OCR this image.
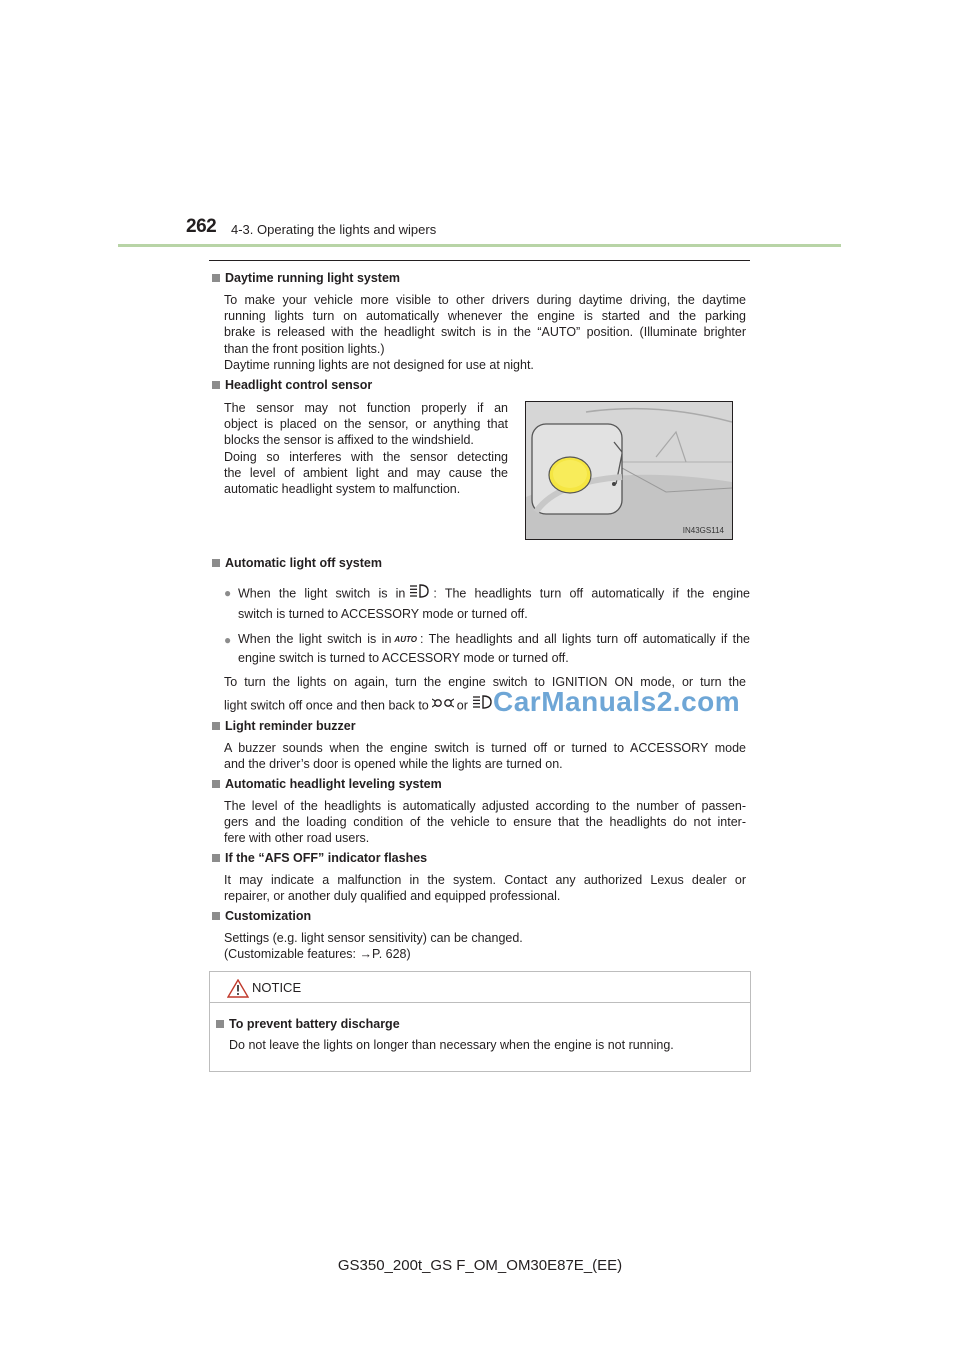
262 4-3. Operating the lights and wipers
Daytime running light system
To make your vehicle more visible to other drivers during daytime driving, the daytime
running lights turn on automatically whenever the engine is started and the parking
brake is released with the headlight switch is in the “AUTO” position. (Illuminate brighter
than the front position lights.)
Daytime running lights are not designed for use at night.
Headlight control sensor
The sensor may not function properly if an
object is placed on the sensor, or anything that
blocks the sensor is affixed to the windshield.
Doing so interferes with the sensor detecting
the level of ambient light and may cause the
automatic headlight system to malfunction.
IN43GS114
Automatic light off system
● When the light switch is in : The headlights turn off automatically if the engine
switch is turned to ACCESSORY mode or turned off.
● When the light switch is in AUTO : The headlights and all lights turn off automatically if the
engine switch is turned to ACCESSORY mode or turned off.
To turn the lights on again, turn the engine switch to IGNITION ON mode, or turn the
light switch off once and then back to or CarManuals2.com
Light reminder buzzer
A buzzer sounds when the engine switch is turned off or turned to ACCESSORY mode
and the driver’s door is opened while the lights are turned on.
Automatic headlight leveling system
The level of the headlights is automatically adjusted according to the number of passen-
gers and the loading condition of the vehicle to ensure that the headlights do not inter-
fere with other road users.
If the “AFS OFF” indicator flashes
It may indicate a malfunction in the system. Contact any authorized Lexus dealer or
repairer, or another duly qualified and equipped professional.
Customization
Settings (e.g. light sensor sensitivity) can be changed.
(Customizable features: →P. 628)
NOTICE
To prevent battery discharge
Do not leave the lights on longer than necessary when the engine is not running.
GS350_200t_GS F_OM_OM30E87E_(EE)
